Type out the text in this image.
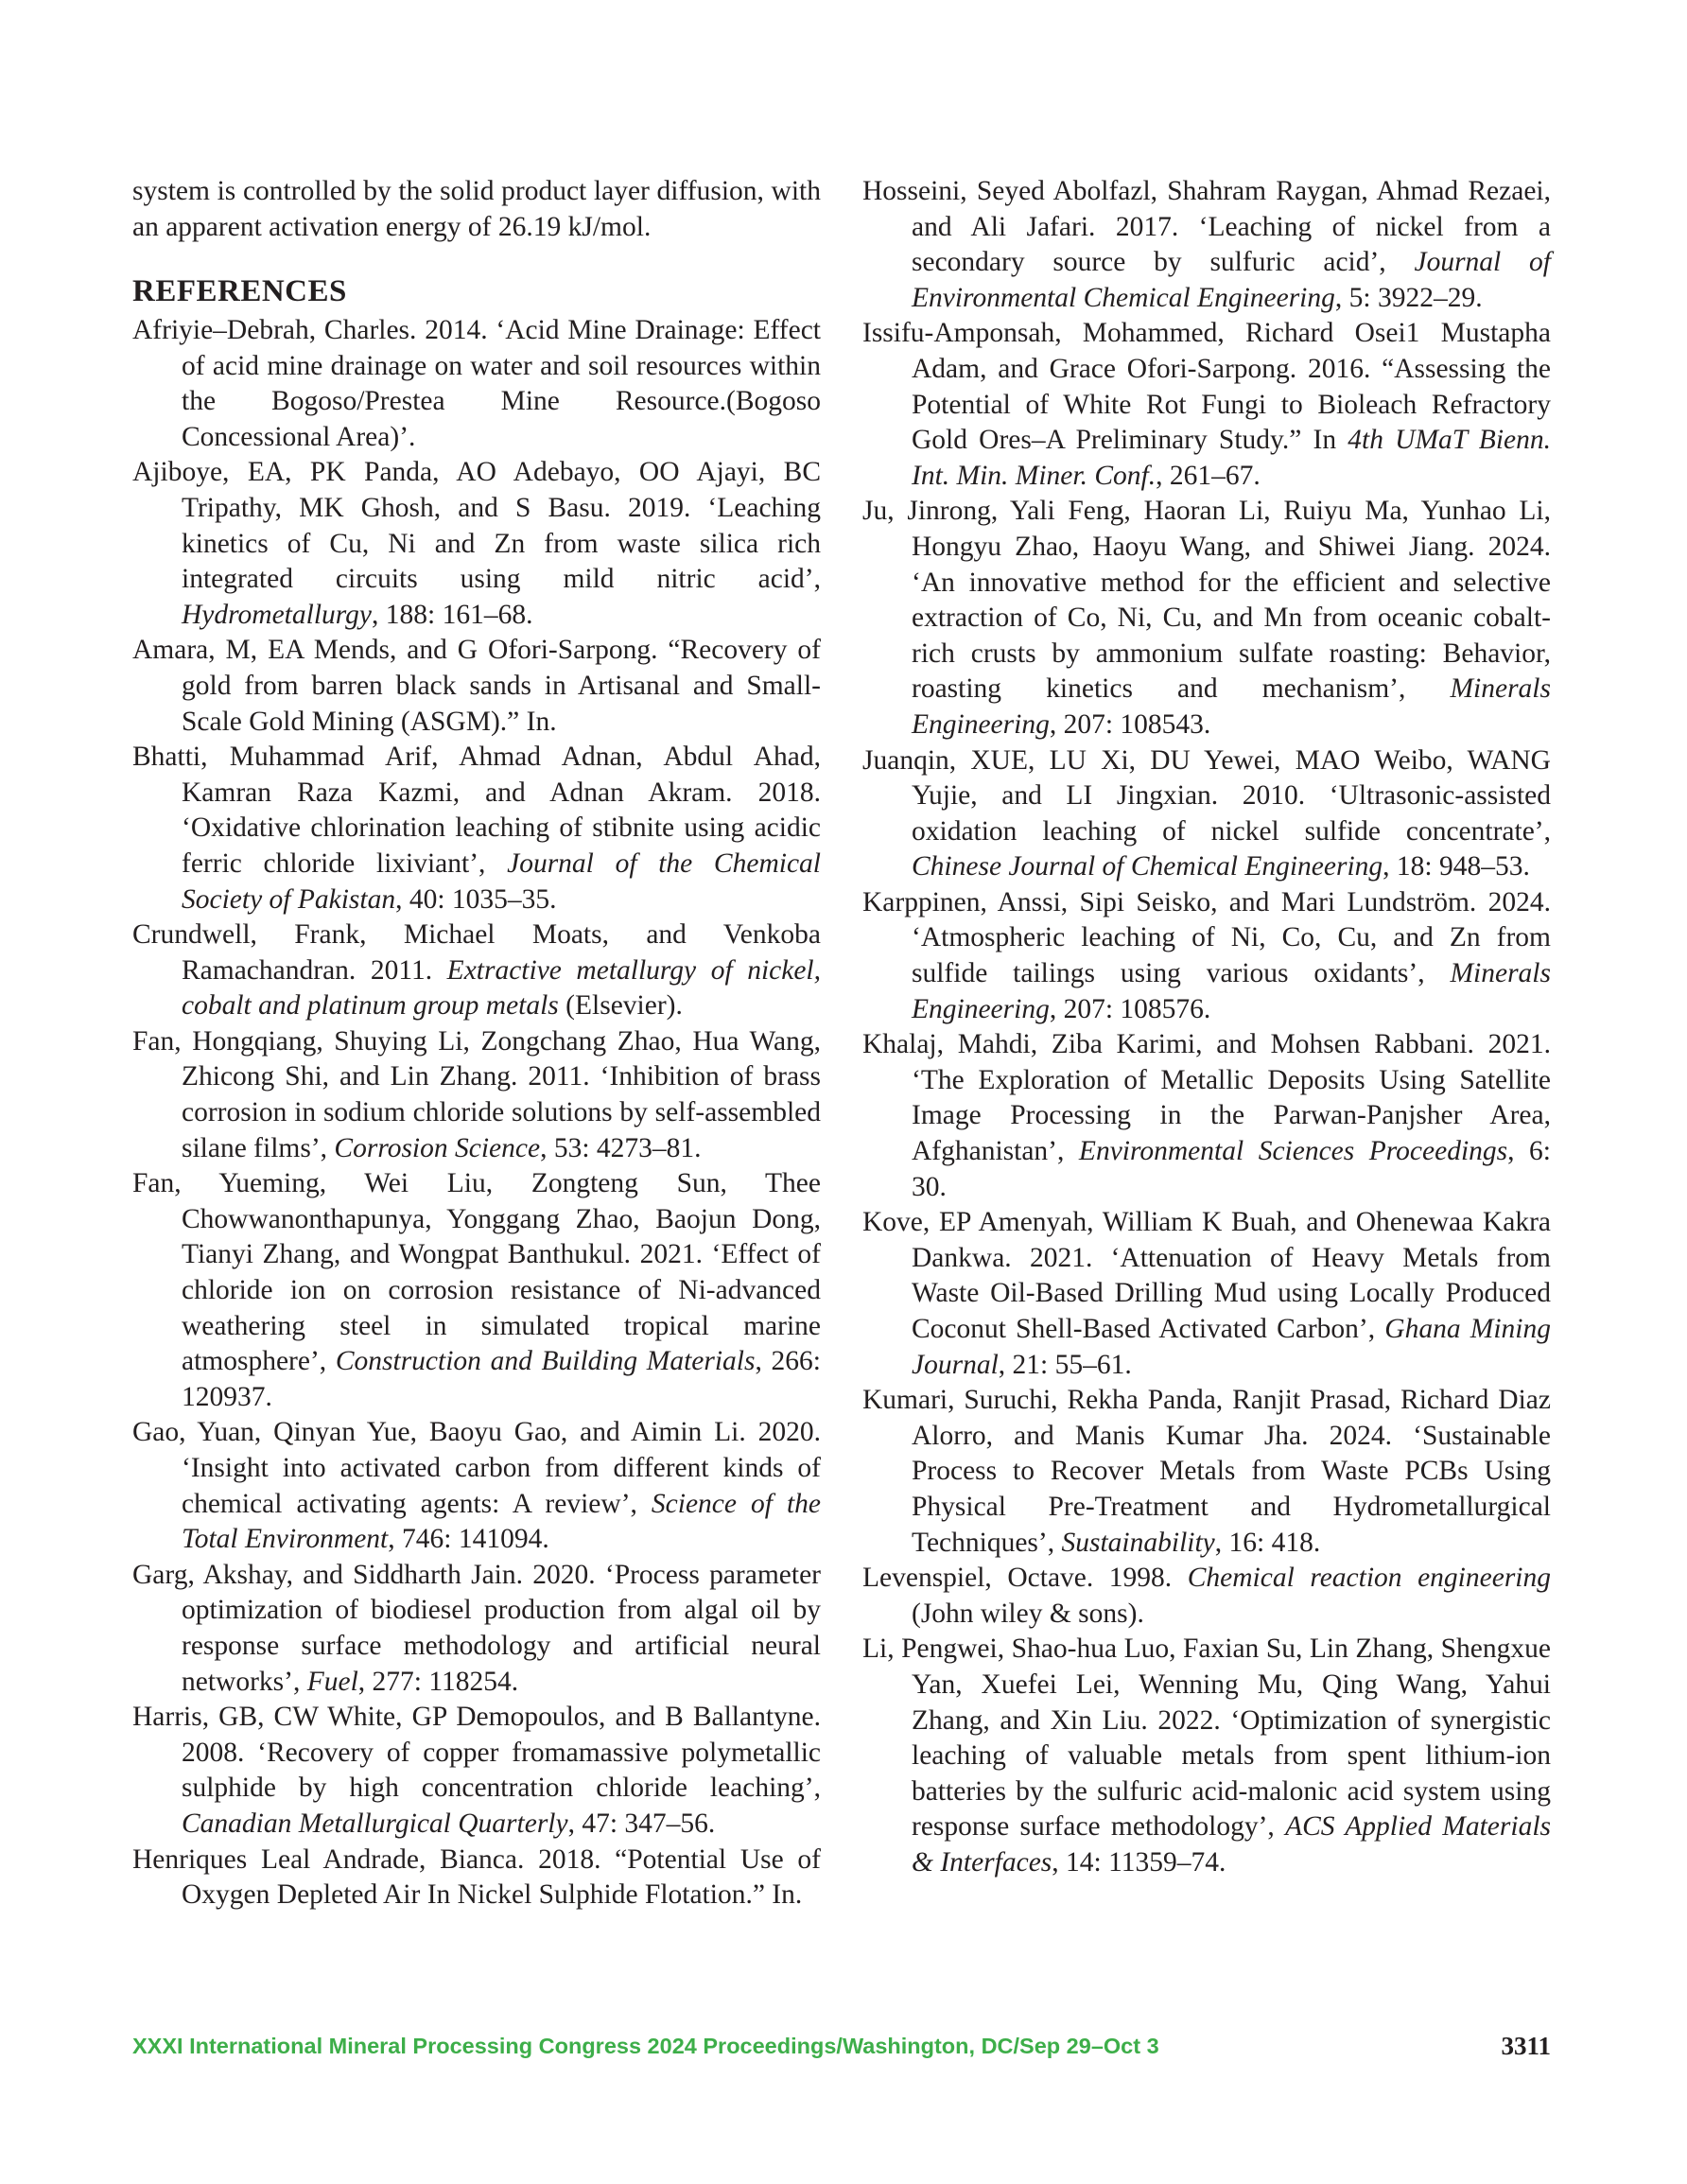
system is controlled by the solid product layer diffusion, with an apparent activation energy of 26.19 kJ/mol.

REFERENCES

Afriyie–Debrah, Charles. 2014. ‘Acid Mine Drainage: Effect of acid mine drainage on water and soil resources within the Bogoso/Prestea Mine Resource.(Bogoso Concessional Area)’.

Ajiboye, EA, PK Panda, AO Adebayo, OO Ajayi, BC Tripathy, MK Ghosh, and S Basu. 2019. ‘Leaching kinetics of Cu, Ni and Zn from waste silica rich integrated circuits using mild nitric acid’, Hydrometallurgy, 188: 161–68.

Amara, M, EA Mends, and G Ofori-Sarpong. “Recovery of gold from barren black sands in Artisanal and Small-Scale Gold Mining (ASGM).” In.

Bhatti, Muhammad Arif, Ahmad Adnan, Abdul Ahad, Kamran Raza Kazmi, and Adnan Akram. 2018. ‘Oxidative chlorination leaching of stibnite using acidic ferric chloride lixiviant’, Journal of the Chemical Society of Pakistan, 40: 1035–35.

Crundwell, Frank, Michael Moats, and Venkoba Ramachandran. 2011. Extractive metallurgy of nickel, cobalt and platinum group metals (Elsevier).

Fan, Hongqiang, Shuying Li, Zongchang Zhao, Hua Wang, Zhicong Shi, and Lin Zhang. 2011. ‘Inhibition of brass corrosion in sodium chloride solutions by self-assembled silane films’, Corrosion Science, 53: 4273–81.

Fan, Yueming, Wei Liu, Zongteng Sun, Thee Chowwanonthapunya, Yonggang Zhao, Baojun Dong, Tianyi Zhang, and Wongpat Banthukul. 2021. ‘Effect of chloride ion on corrosion resistance of Ni-advanced weathering steel in simulated tropical marine atmosphere’, Construction and Building Materials, 266: 120937.

Gao, Yuan, Qinyan Yue, Baoyu Gao, and Aimin Li. 2020. ‘Insight into activated carbon from different kinds of chemical activating agents: A review’, Science of the Total Environment, 746: 141094.

Garg, Akshay, and Siddharth Jain. 2020. ‘Process parameter optimization of biodiesel production from algal oil by response surface methodology and artificial neural networks’, Fuel, 277: 118254.

Harris, GB, CW White, GP Demopoulos, and B Ballantyne. 2008. ‘Recovery of copper fromamassive polymetallic sulphide by high concentration chloride leaching’, Canadian Metallurgical Quarterly, 47: 347–56.

Henriques Leal Andrade, Bianca. 2018. “Potential Use of Oxygen Depleted Air In Nickel Sulphide Flotation.” In.

Hosseini, Seyed Abolfazl, Shahram Raygan, Ahmad Rezaei, and Ali Jafari. 2017. ‘Leaching of nickel from a secondary source by sulfuric acid’, Journal of Environmental Chemical Engineering, 5: 3922–29.

Issifu-Amponsah, Mohammed, Richard Osei1 Mustapha Adam, and Grace Ofori-Sarpong. 2016. “Assessing the Potential of White Rot Fungi to Bioleach Refractory Gold Ores–A Preliminary Study.” In 4th UMaT Bienn. Int. Min. Miner. Conf., 261–67.

Ju, Jinrong, Yali Feng, Haoran Li, Ruiyu Ma, Yunhao Li, Hongyu Zhao, Haoyu Wang, and Shiwei Jiang. 2024. ‘An innovative method for the efficient and selective extraction of Co, Ni, Cu, and Mn from oceanic cobalt-rich crusts by ammonium sulfate roasting: Behavior, roasting kinetics and mechanism’, Minerals Engineering, 207: 108543.

Juanqin, XUE, LU Xi, DU Yewei, MAO Weibo, WANG Yujie, and LI Jingxian. 2010. ‘Ultrasonic-assisted oxidation leaching of nickel sulfide concentrate’, Chinese Journal of Chemical Engineering, 18: 948–53.

Karppinen, Anssi, Sipi Seisko, and Mari Lundström. 2024. ‘Atmospheric leaching of Ni, Co, Cu, and Zn from sulfide tailings using various oxidants’, Minerals Engineering, 207: 108576.

Khalaj, Mahdi, Ziba Karimi, and Mohsen Rabbani. 2021. ‘The Exploration of Metallic Deposits Using Satellite Image Processing in the Parwan-Panjsher Area, Afghanistan’, Environmental Sciences Proceedings, 6: 30.

Kove, EP Amenyah, William K Buah, and Ohenewaa Kakra Dankwa. 2021. ‘Attenuation of Heavy Metals from Waste Oil-Based Drilling Mud using Locally Produced Coconut Shell-Based Activated Carbon’, Ghana Mining Journal, 21: 55–61.

Kumari, Suruchi, Rekha Panda, Ranjit Prasad, Richard Diaz Alorro, and Manis Kumar Jha. 2024. ‘Sustainable Process to Recover Metals from Waste PCBs Using Physical Pre-Treatment and Hydrometallurgical Techniques’, Sustainability, 16: 418.

Levenspiel, Octave. 1998. Chemical reaction engineering (John wiley & sons).

Li, Pengwei, Shao-hua Luo, Faxian Su, Lin Zhang, Shengxue Yan, Xuefei Lei, Wenning Mu, Qing Wang, Yahui Zhang, and Xin Liu. 2022. ‘Optimization of synergistic leaching of valuable metals from spent lithium-ion batteries by the sulfuric acid-malonic acid system using response surface methodology’, ACS Applied Materials & Interfaces, 14: 11359–74.

XXXI International Mineral Processing Congress 2024 Proceedings/Washington, DC/Sep 29–Oct 3	3311
